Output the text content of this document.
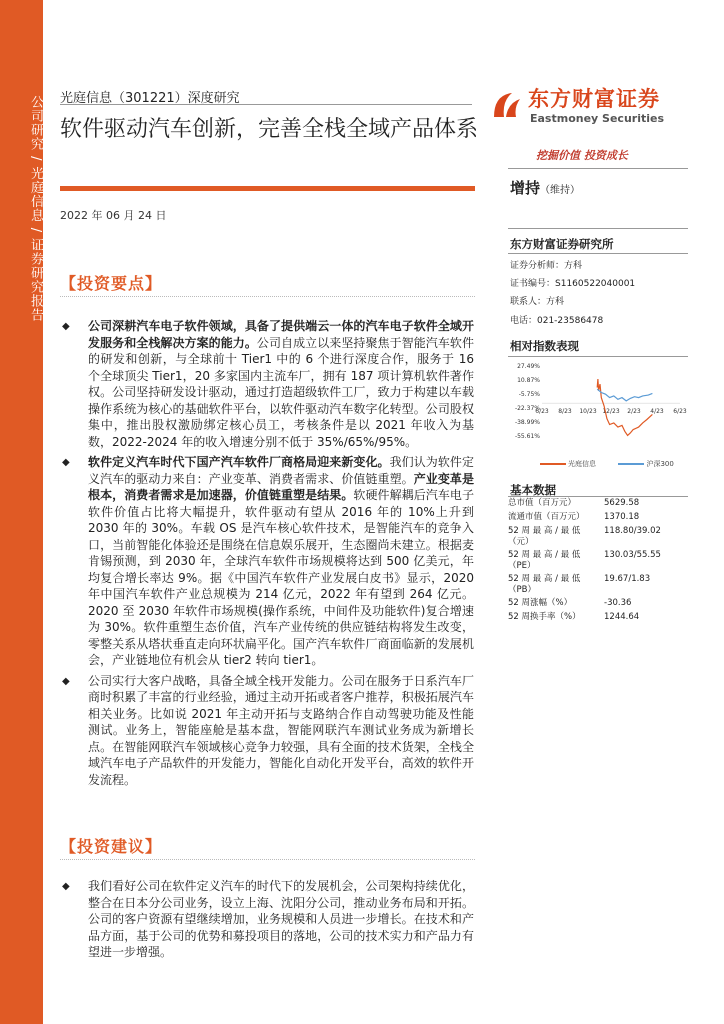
公司研究 / 光庭信息 / 证券研究报告 光庭信息（301221）深度研究
软件驱动汽车创新，完善全栈全域产品体系
2022 年 06 月 24 日
【投资要点】
◆ 公司深耕汽车电子软件领域，具备了提供端云一体的汽车电子软件全域开发服务和全栈解决方案的能力。公司自成立以来坚持聚焦于智能汽车软件的研发和创新，与全球前十 Tier1 中的 6 个进行深度合作，服务于 16 个全球顶尖 Tier1，20 多家国内主流车厂，拥有 187 项计算机软件著作权。公司坚持研发设计驱动，通过打造超级软件工厂，致力于构建以车载操作系统为核心的基础软件平台，以软件驱动汽车数字化转型。公司股权集中，推出股权激励绑定核心员工，考核条件是以 2021 年收入为基数，2022-2024 年的收入增速分别不低于 35%/65%/95%。
◆ 软件定义汽车时代下国产汽车软件厂商格局迎来新变化。我们认为软件定义汽车的驱动力来自：产业变革、消费者需求、价值链重塑。产业变革是根本，消费者需求是加速器，价值链重塑是结果。软硬件解耦后汽车电子软件价值占比将大幅提升，软件驱动有望从 2016 年的 10%上升到 2030 年的 30%。车载 OS 是汽车核心软件技术，是智能汽车的竞争入口，当前智能化体验还是围绕在信息娱乐展开，生态圈尚未建立。根据麦肯锡预测，到 2030 年，全球汽车软件市场规模将达到 500 亿美元，年均复合增长率达 9%。据《中国汽车软件产业发展白皮书》显示，2020 年中国汽车软件产业总规模为 214 亿元，2022 年有望到 264 亿元。2020 至 2030 年软件市场规模(操作系统，中间件及功能软件)复合增速为 30%。软件重塑生态价值，汽车产业传统的供应链结构将发生改变，零整关系从塔状垂直走向环状扁平化。国产汽车软件厂商面临新的发展机会，产业链地位有机会从 tier2 转向 tier1。
◆ 公司实行大客户战略，具备全域全栈开发能力。公司在服务于日系汽车厂商时积累了丰富的行业经验，通过主动开拓或者客户推荐，积极拓展汽车相关业务。比如说 2021 年主动开拓与支路纳合作自动驾驶功能及性能测试。业务上，智能座舱是基本盘，智能网联汽车测试业务成为新增长点。在智能网联汽车领域核心竞争力较强，具有全面的技术货架，全栈全域汽车电子产品软件的开发能力，智能化自动化开发平台，高效的软件开发流程。
【投资建议】
◆ 我们看好公司在软件定义汽车的时代下的发展机会，公司架构持续优化，整合在日本分公司业务，设立上海、沈阳分公司，推动业务布局和开拓。公司的客户资源有望继续增加，业务规模和人员进一步增长。在技术和产品方面，基于公司的优势和募投项目的落地，公司的技术实力和产品力有望进一步增强。
东方财富证券
Eastmoney Securities
挖掘价值 投资成长
增持（维持）
东方财富证券研究所
证券分析师：方科
证书编号：S1160522040001
联系人：方科
电话：021-23586478
相对指数表现
27.49%
10.87%
-5.75%
-22.37%
-38.99%
-55.61%
6/23 8/23 10/23 12/23 2/23 4/23 6/23
光庭信息	沪深300
基本数据
总市值（百万元）	5629.58
流通市值（百万元）	1370.18
52 周 最 高 / 最 低（元）
118.80/39.02
52 周 最 高 / 最 低（PE）
130.03/55.55
52 周 最 高 / 最 低（PB）
19.67/1.83
52 周涨幅（%）	-30.36
52 周换手率（%）	1244.64
